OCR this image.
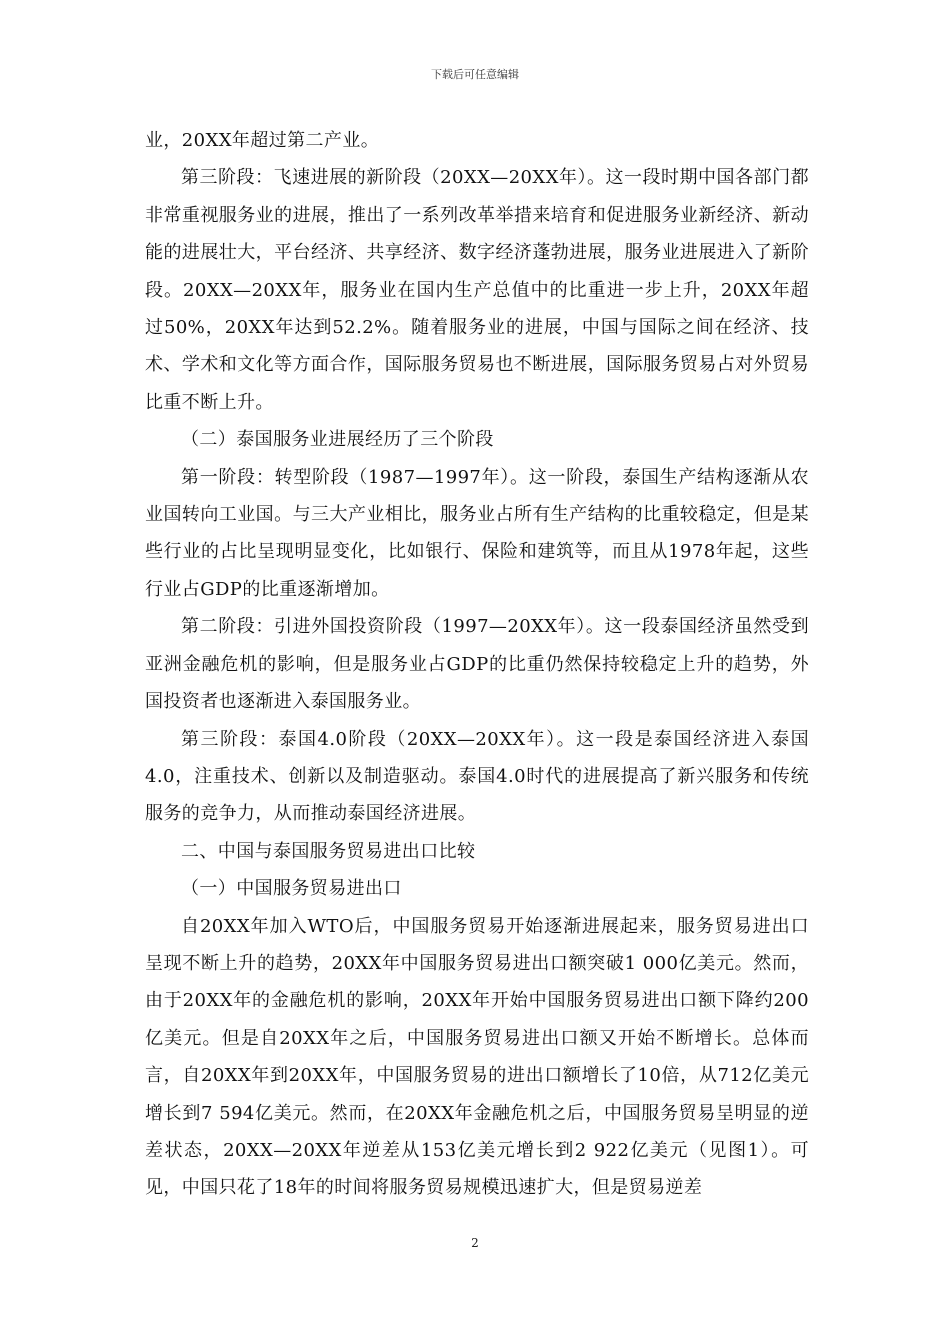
下载后可任意编辑

业，20XX年超过第二产业。

第三阶段：飞速进展的新阶段（20XX—20XX年）。这一段时期中国各部门都非常重视服务业的进展，推出了一系列改革举措来培育和促进服务业新经济、新动能的进展壮大，平台经济、共享经济、数字经济蓬勃进展，服务业进展进入了新阶段。20XX—20XX年，服务业在国内生产总值中的比重进一步上升，20XX年超过50%，20XX年达到52.2%。随着服务业的进展，中国与国际之间在经济、技术、学术和文化等方面合作，国际服务贸易也不断进展，国际服务贸易占对外贸易比重不断上升。

（二）泰国服务业进展经历了三个阶段

第一阶段：转型阶段（1987—1997年）。这一阶段，泰国生产结构逐渐从农业国转向工业国。与三大产业相比，服务业占所有生产结构的比重较稳定，但是某些行业的占比呈现明显变化，比如银行、保险和建筑等，而且从1978年起，这些行业占GDP的比重逐渐增加。

第二阶段：引进外国投资阶段（1997—20XX年）。这一段泰国经济虽然受到亚洲金融危机的影响，但是服务业占GDP的比重仍然保持较稳定上升的趋势，外国投资者也逐渐进入泰国服务业。

第三阶段：泰国4.0阶段（20XX—20XX年）。这一段是泰国经济进入泰国4.0，注重技术、创新以及制造驱动。泰国4.0时代的进展提高了新兴服务和传统服务的竞争力，从而推动泰国经济进展。

二、中国与泰国服务贸易进出口比较

（一）中国服务贸易进出口

自20XX年加入WTO后，中国服务贸易开始逐渐进展起来，服务贸易进出口呈现不断上升的趋势，20XX年中国服务贸易进出口额突破1 000亿美元。然而，由于20XX年的金融危机的影响，20XX年开始中国服务贸易进出口额下降约200亿美元。但是自20XX年之后，中国服务贸易进出口额又开始不断增长。总体而言，自20XX年到20XX年，中国服务贸易的进出口额增长了10倍，从712亿美元增长到7 594亿美元。然而，在20XX年金融危机之后，中国服务贸易呈明显的逆差状态，20XX—20XX年逆差从153亿美元增长到2 922亿美元（见图1）。可见，中国只花了18年的时间将服务贸易规模迅速扩大，但是贸易逆差

2
